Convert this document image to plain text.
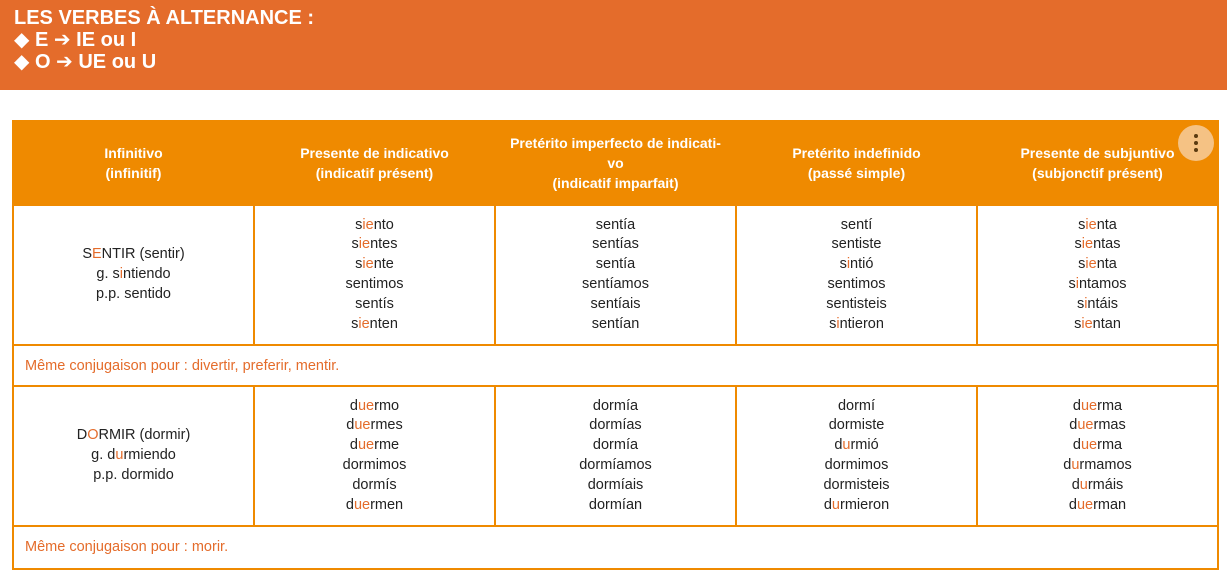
LES VERBES À ALTERNANCE :
◆ E ➔ IE ou I
◆ O ➔ UE ou U
Infinitivo
(infinitif)
Presente de indicativo
(indicatif présent)
Pretérito imperfecto de indicati-
vo
(indicatif imparfait)
Pretérito indefinido
(passé simple)
Presente de subjuntivo
(subjonctif présent)
SENTIR (sentir)
g. sintiendo
p.p. sentido
siento
sientes
siente
sentimos
sentís
sienten
sentía
sentías
sentía
sentíamos
sentíais
sentían
sentí
sentiste
sintió
sentimos
sentisteis
sintieron
sienta
sientas
sienta
sintamos
sintáis
sientan
Même conjugaison pour : divertir, preferir, mentir.
DORMIR (dormir)
g. durmiendo
p.p. dormido
duermo
duermes
duerme
dormimos
dormís
duermen
dormía
dormías
dormía
dormíamos
dormíais
dormían
dormí
dormiste
durmió
dormimos
dormisteis
durmieron
duerma
duermas
duerma
durmamos
durmáis
duerman
Même conjugaison pour : morir.
